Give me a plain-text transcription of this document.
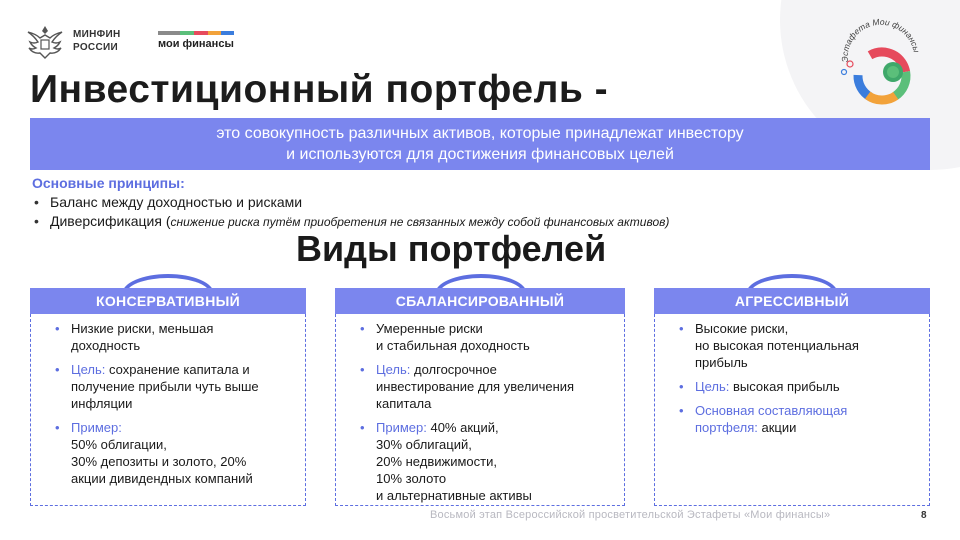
МИНФИН
РОССИИ	мои финансы
Эстафета Мои финансы
Инвестиционный портфель -
это совокупность различных активов, которые принадлежат инвестору
и используются для достижения финансовых целей
Основные принципы:
• Баланс между доходностью и рисками
• Диверсификация (снижение риска путём приобретения не связанных между собой финансовых активов)
Виды портфелей
КОНСЕРВАТИВНЫЙ
• Низкие риски, меньшая
доходность
• Цель: сохранение капитала и
получение прибыли чуть выше
инфляции
• Пример:
50% облигации,
30% депозиты и золото, 20%
акции дивидендных компаний
СБАЛАНСИРОВАННЫЙ
• Умеренные риски
и стабильная доходность
• Цель: долгосрочное
инвестирование для увеличения
капитала
• Пример: 40% акций,
30% облигаций,
20% недвижимости,
10% золото
и альтернативные активы
АГРЕССИВНЫЙ
• Высокие риски,
но высокая потенциальная
прибыль
• Цель: высокая прибыль
• Основная составляющая
портфеля: акции
Восьмой этап Всероссийской просветительской Эстафеты «Мои финансы»	8
